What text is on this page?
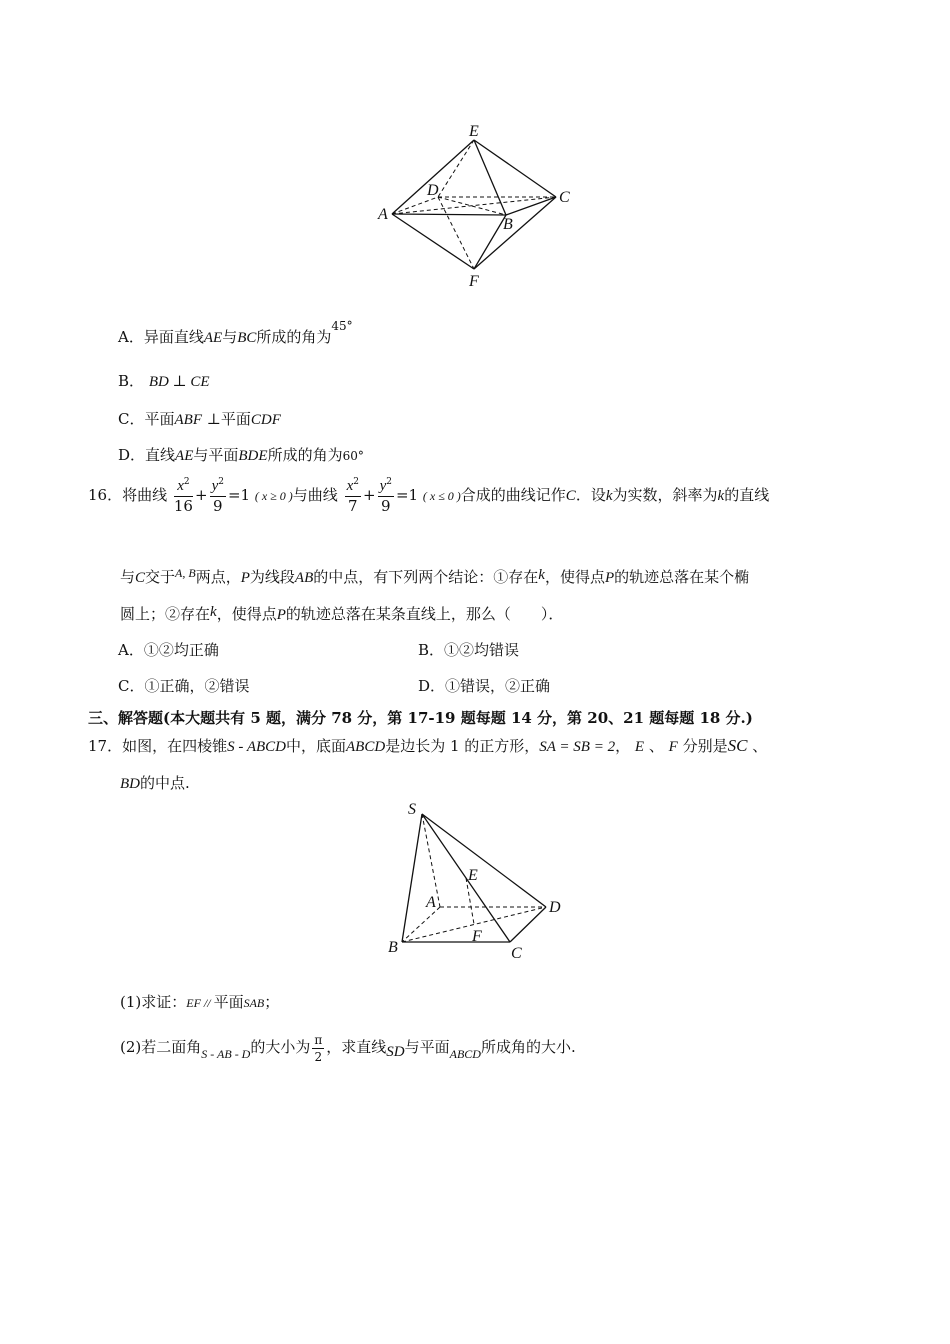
E
D	C
A
B
F
A．异面直线AE与BC所成的角为$^{45^\circ}$
B． BD ⊥ CE
C．平面ABF ⊥平面CDF
D．直线AE与平面BDE所成的角为60°
16．将曲线 $\frac{x^2}{16} + \frac{y^2}{9} =1$ ( x ≥ 0 )与曲线 $\frac{x^2}{7} + \frac{y^2}{9} =1$ ( x ≤ 0 )合成的曲线记作C．设k为实数，斜率为k的直线
与C交于$^{A, B}$两点，P为线段AB的中点，有下列两个结论：①存在k，使得点P的轨迹总落在某个椭
圆上；②存在k，使得点P的轨迹总落在某条直线上，那么（　　）．
A．①②均正确	B．①②均错误
C．①正确，②错误	D．①错误，②正确
三、解答题(本大题共有 5 题，满分 78 分，第 17-19 题每题 14 分，第 20、21 题每题 18 分.)
17．如图，在四棱锥S - ABCD中，底面ABCD是边长为 1 的正方形，SA = SB = 2， E 、 F 分别是SC 、
BD的中点.
S
E
A	D
F
B	C
(1)求证：EF // 平面SAB；
(2)若二面角$_{S - AB - D}$的大小为 $\frac{\pi}{2}$ ，求直线SD与平面$_{ABCD}$所成角的大小.
